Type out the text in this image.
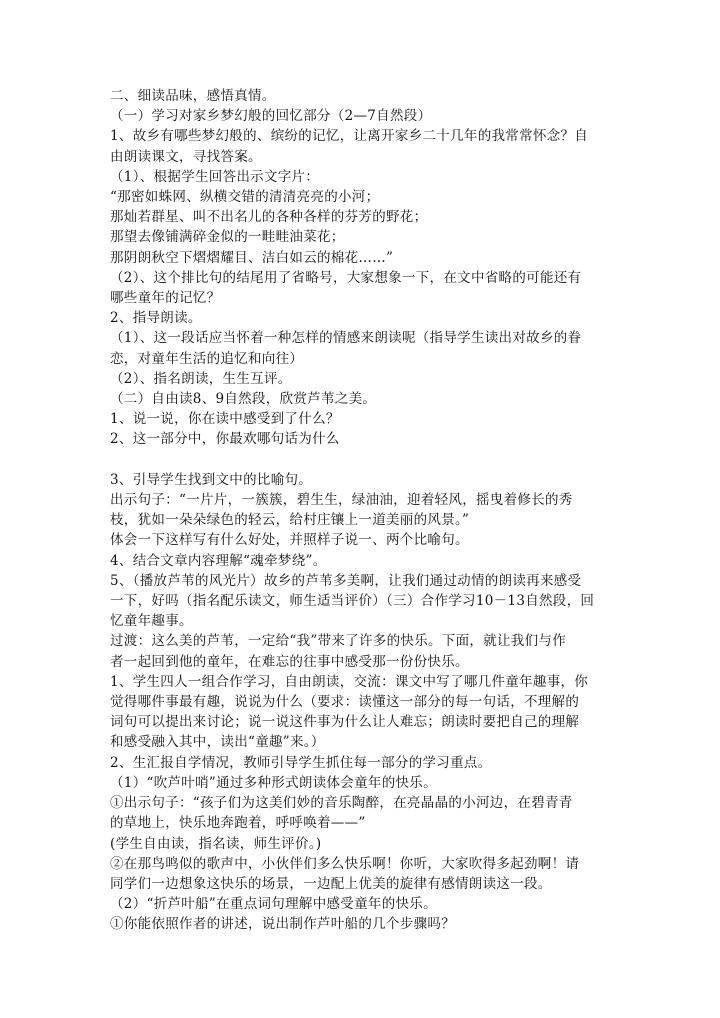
二、细读品味，感悟真情。
（一）学习对家乡梦幻般的回忆部分（2—7自然段）
1、故乡有哪些梦幻般的、缤纷的记忆，让离开家乡二十几年的我常常怀念？自
由朗读课文，寻找答案。
（1）、根据学生回答出示文字片：
“那密如蛛网、纵横交错的清清亮亮的小河；
那灿若群星、叫不出名儿的各种各样的芬芳的野花；
那望去像铺满碎金似的一畦畦油菜花；
那阴朗秋空下熠熠耀目、洁白如云的棉花……”
（2）、这个排比句的结尾用了省略号，大家想象一下，在文中省略的可能还有
哪些童年的记忆？
2、指导朗读。
（1）、这一段话应当怀着一种怎样的情感来朗读呢（指导学生读出对故乡的眷
恋，对童年生活的追忆和向往）
（2）、指名朗读，生生互评。
（二）自由读8、9自然段，欣赏芦苇之美。
1、说一说，你在读中感受到了什么？
2、这一部分中，你最欢哪句话为什么
3、引导学生找到文中的比喻句。
出示句子：“一片片，一簇簇，碧生生，绿油油，迎着轻风，摇曳着修长的秀
枝，犹如一朵朵绿色的轻云，给村庄镶上一道美丽的风景。”
体会一下这样写有什么好处，并照样子说一、两个比喻句。
4、结合文章内容理解“魂牵梦绕”。
5、（播放芦苇的风光片）故乡的芦苇多美啊，让我们通过动情的朗读再来感受
一下，好吗（指名配乐读文，师生适当评价）（三）合作学习10－13自然段，回
忆童年趣事。
过渡：这么美的芦苇，一定给“我”带来了许多的快乐。下面，就让我们与作
者一起回到他的童年，在难忘的往事中感受那一份份快乐。
1、学生四人一组合作学习，自由朗读，交流：课文中写了哪几件童年趣事，你
觉得哪件事最有趣，说说为什么（要求：读懂这一部分的每一句话，不理解的
词句可以提出来讨论；说一说这件事为什么让人难忘；朗读时要把自己的理解
和感受融入其中，读出“童趣”来。）
2、生汇报自学情况，教师引导学生抓住每一部分的学习重点。
（1）“吹芦叶哨”通过多种形式朗读体会童年的快乐。
①出示句子：“孩子们为这美们妙的音乐陶醉，在亮晶晶的小河边，在碧青青
的草地上，快乐地奔跑着，呼呼唤着——”
(学生自由读，指名读，师生评价。)
②在那鸟鸣似的歌声中，小伙伴们多么快乐啊！你听，大家吹得多起劲啊！请
同学们一边想象这快乐的场景，一边配上优美的旋律有感情朗读这一段。
（2）“折芦叶船”在重点词句理解中感受童年的快乐。
①你能依照作者的讲述，说出制作芦叶船的几个步骤吗？
